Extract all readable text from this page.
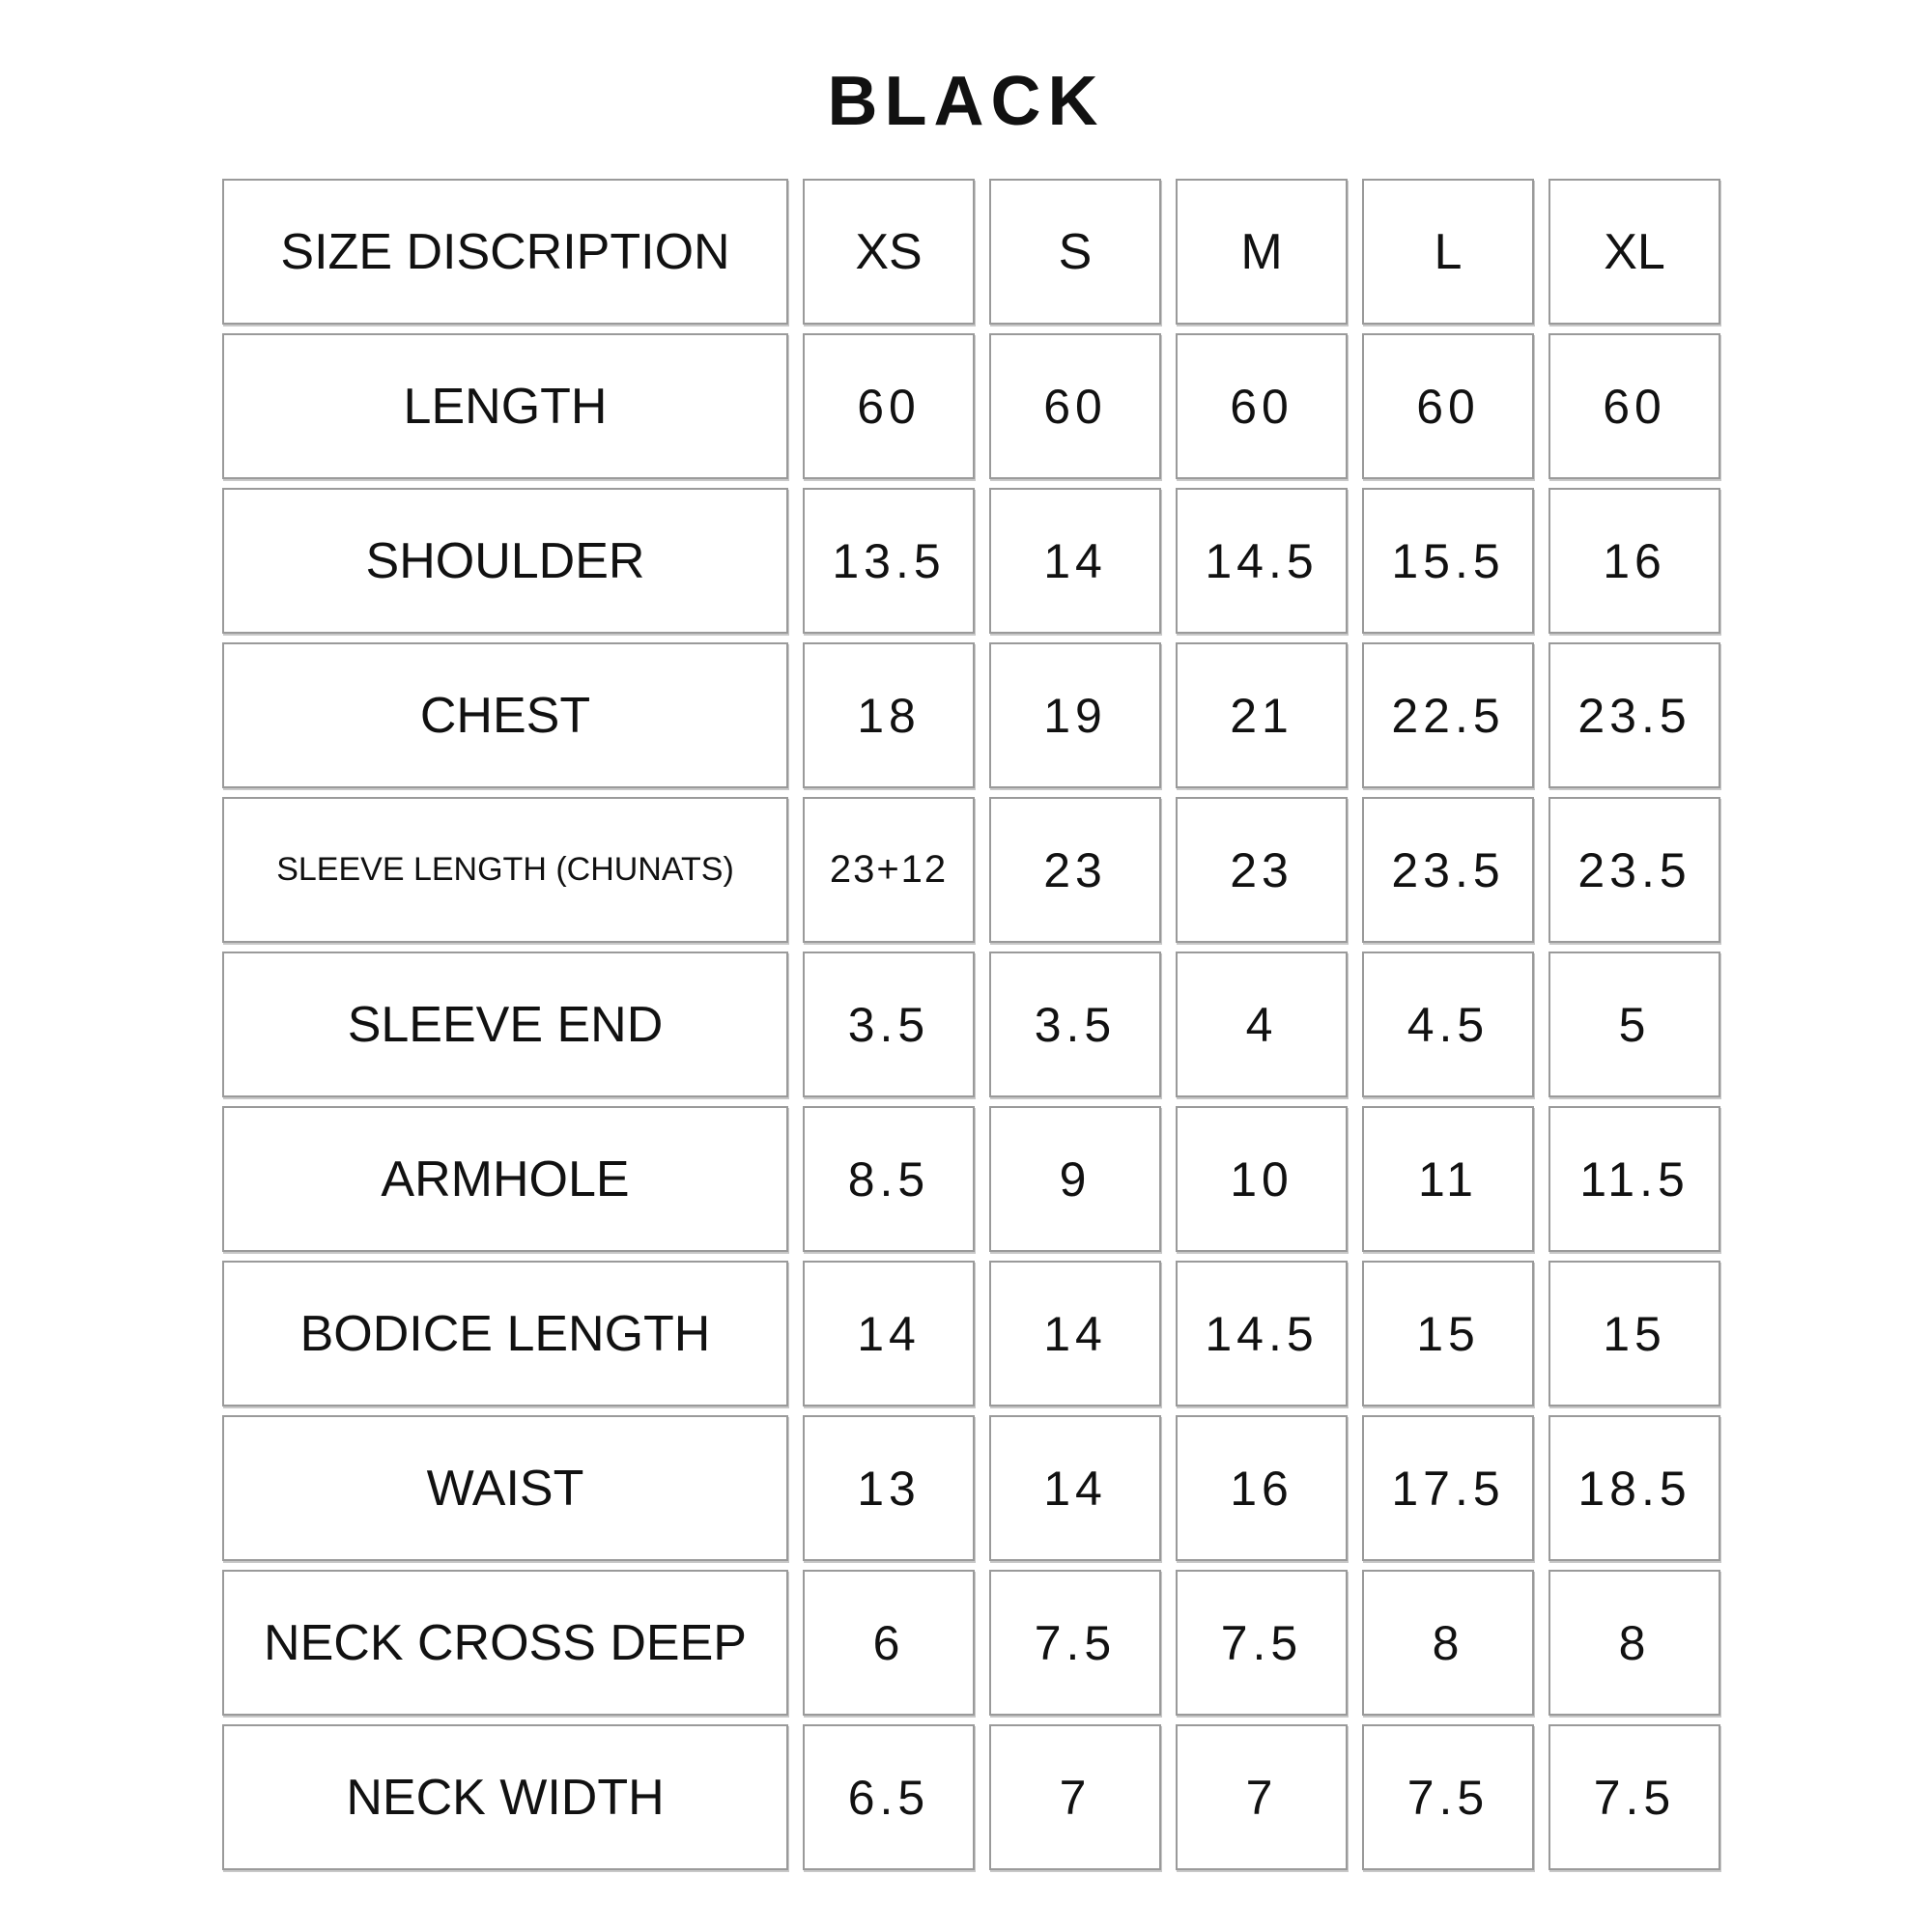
BLACK
SIZE DISCRIPTION	XS	S	M	L	XL
LENGTH	60	60	60	60	60
SHOULDER	13.5	14	14.5	15.5	16
CHEST	18	19	21	22.5	23.5
SLEEVE LENGTH (CHUNATS)	23+12	23	23	23.5	23.5
SLEEVE END	3.5	3.5	4	4.5	5
ARMHOLE	8.5	9	10	11	11.5
BODICE LENGTH	14	14	14.5	15	15
WAIST	13	14	16	17.5	18.5
NECK CROSS DEEP	6	7.5	7.5	8	8
NECK WIDTH	6.5	7	7	7.5	7.5
